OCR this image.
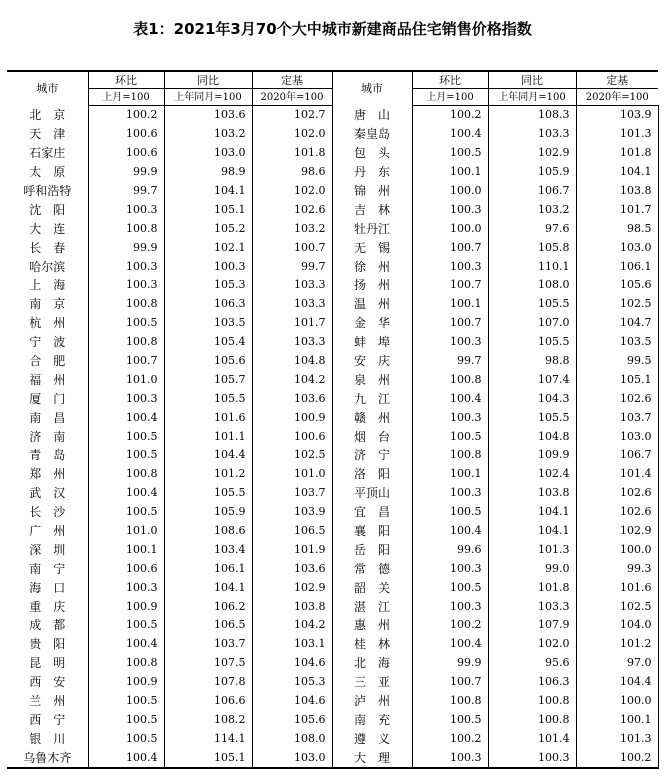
表1：2021年3月70个大中城市新建商品住宅销售价格指数
城市	环比	同比	定基	城市	环比	同比	定基
	上月=100	上年同月=100	2020年=100		上月=100	上年同月=100	2020年=100
北　京	100.2	103.6	102.7	唐　山	100.2	108.3	103.9
天　津	100.6	103.2	102.0	秦皇岛	100.4	103.3	101.3
石家庄	100.6	103.0	101.8	包　头	100.5	102.9	101.8
太　原	99.9	98.9	98.6	丹　东	100.1	105.9	104.1
呼和浩特	99.7	104.1	102.0	锦　州	100.0	106.7	103.8
沈　阳	100.3	105.1	102.6	吉　林	100.3	103.2	101.7
大　连	100.8	105.2	103.2	牡丹江	100.0	97.6	98.5
长　春	99.9	102.1	100.7	无　锡	100.7	105.8	103.0
哈尔滨	100.3	100.3	99.7	徐　州	100.3	110.1	106.1
上　海	100.3	105.3	103.3	扬　州	100.7	108.0	105.6
南　京	100.8	106.3	103.3	温　州	100.1	105.5	102.5
杭　州	100.5	103.5	101.7	金　华	100.7	107.0	104.7
宁　波	100.8	105.4	103.3	蚌　埠	100.3	105.5	103.5
合　肥	100.7	105.6	104.8	安　庆	99.7	98.8	99.5
福　州	101.0	105.7	104.2	泉　州	100.8	107.4	105.1
厦　门	100.3	105.5	103.6	九　江	100.4	104.3	102.6
南　昌	100.4	101.6	100.9	赣　州	100.3	105.5	103.7
济　南	100.5	101.1	100.6	烟　台	100.5	104.8	103.0
青　岛	100.5	104.4	102.5	济　宁	100.8	109.9	106.7
郑　州	100.8	101.2	101.0	洛　阳	100.1	102.4	101.4
武　汉	100.4	105.5	103.7	平顶山	100.3	103.8	102.6
长　沙	100.5	105.9	103.9	宜　昌	100.5	104.1	102.6
广　州	101.0	108.6	106.5	襄　阳	100.4	104.1	102.9
深　圳	100.1	103.4	101.9	岳　阳	99.6	101.3	100.0
南　宁	100.6	106.1	103.6	常　德	100.3	99.0	99.3
海　口	100.3	104.1	102.9	韶　关	100.5	101.8	101.6
重　庆	100.9	106.2	103.8	湛　江	100.3	103.3	102.5
成　都	100.5	106.5	104.2	惠　州	100.2	107.9	104.0
贵　阳	100.4	103.7	103.1	桂　林	100.4	102.0	101.2
昆　明	100.8	107.5	104.6	北　海	99.9	95.6	97.0
西　安	100.9	107.8	105.3	三　亚	100.7	106.3	104.4
兰　州	100.5	106.6	104.6	泸　州	100.8	100.8	100.0
西　宁	100.5	108.2	105.6	南　充	100.5	100.8	100.1
银　川	100.5	114.1	108.0	遵　义	100.2	101.4	101.3
乌鲁木齐	100.4	105.1	103.0	大　理	100.3	100.3	100.2
